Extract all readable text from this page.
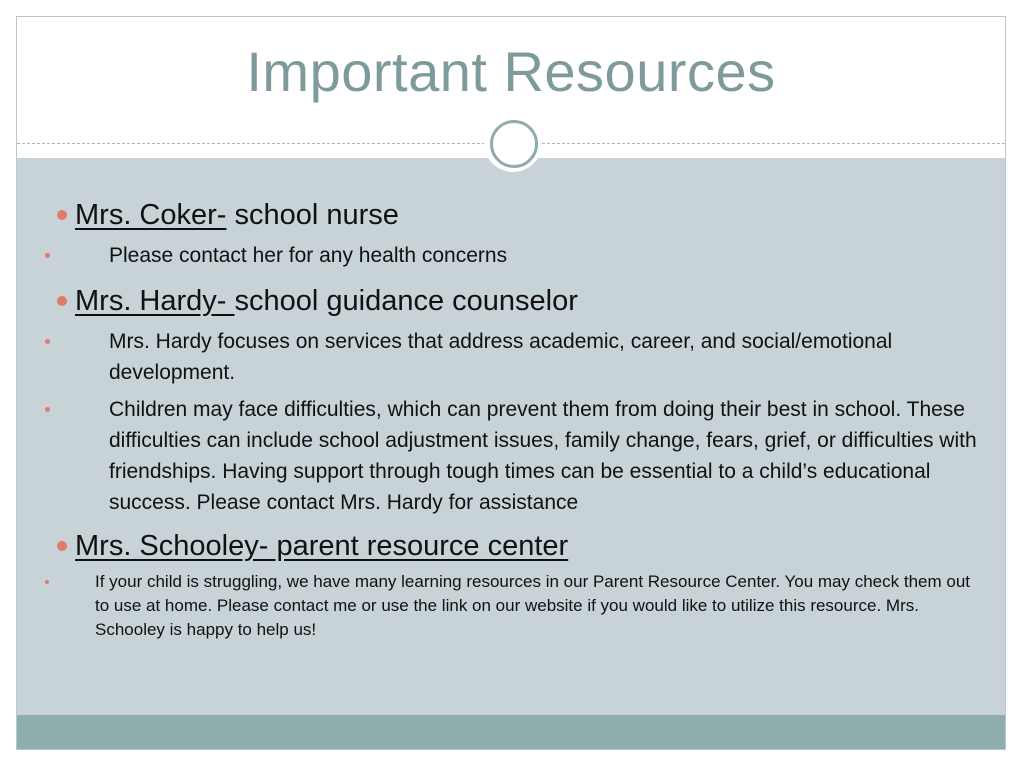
Important Resources
Mrs. Coker- school nurse
Please contact her for any health concerns
Mrs. Hardy- school guidance counselor
Mrs. Hardy focuses on services that address academic, career, and social/emotional development.
Children may face difficulties, which can prevent them from doing their best in school. These difficulties can include school adjustment issues, family change, fears, grief, or difficulties with friendships. Having support through tough times can be essential to a child’s educational success. Please contact Mrs. Hardy for assistance
Mrs. Schooley- parent resource center
If your child is struggling, we have many learning resources in our Parent Resource Center. You may check them out to use at home. Please contact me or use the link on our website if you would like to utilize this resource. Mrs. Schooley is happy to help us!
